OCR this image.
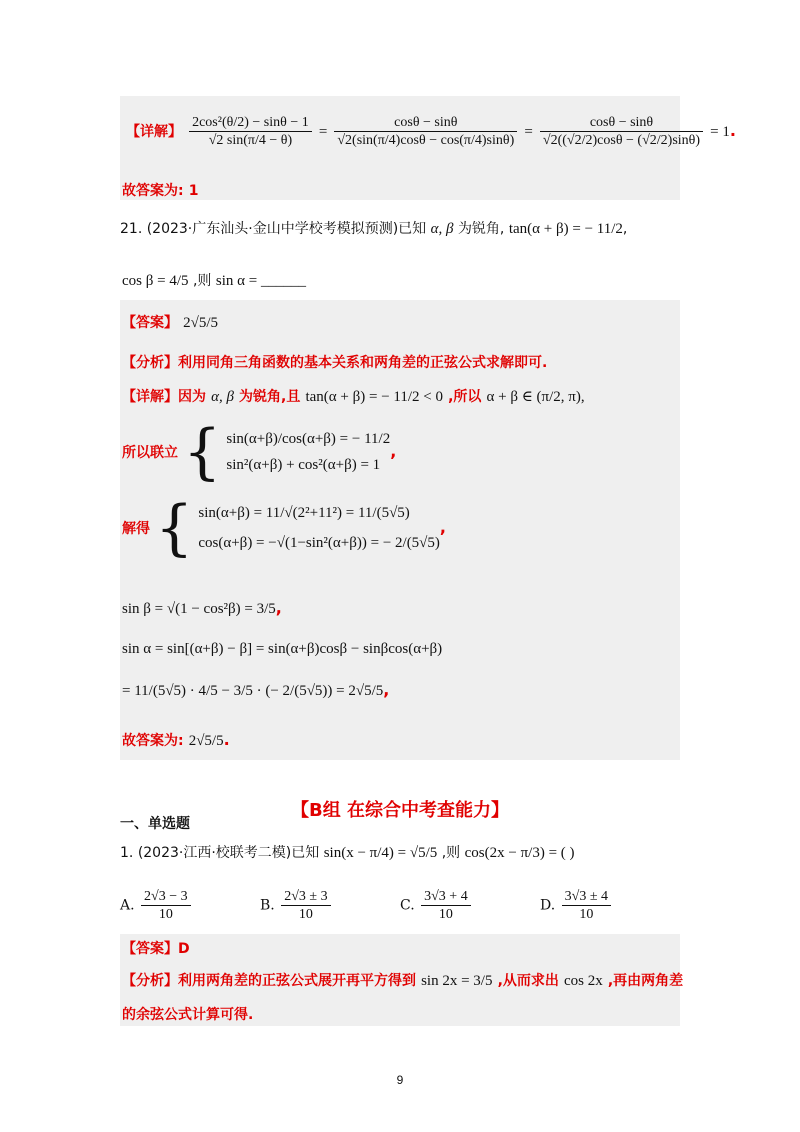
【详解】 $\frac{\text{2cos²(θ/2) − sinθ − 1}}{√2 \sin(\pi/4 - \theta)} = \frac{\cos\theta - \sin\theta}{√2(\sin(\pi/4)\cos\theta - \cos(\pi/4)\sin\theta)} = \frac{\cos\theta - \sin\theta}{√2((√2/2)\cos\theta - (√2/2)\sin\theta)} = 1$.
故答案为: 1
21. (2023·广东汕头·金山中学校考模拟预测)已知 α, β 为锐角, tan(α + β) = − 11/2,
cos β = 4/5 ,则 sin α = ______
【答案】 2√5/5
【分析】利用同角三角函数的基本关系和两角差的正弦公式求解即可.
【详解】因为 α, β 为锐角,且 tan(α + β) = − 11/2 < 0 ,所以 α + β ∈ (π/2, π),
所以联立 { sin(α+β)/cos(α+β) = − 11/2
sin²(α+β) + cos²(α+β) = 1
,
解得 { sin(α+β) = 11/√(2²+11²) = 11/(5√5)
cos(α+β) = −√(1−sin²(α+β)) = − 2/(5√5)
,
sin β = √(1 − cos²β) = 3/5,
sin α = sin[(α+β) − β] = sin(α+β)cosβ − sinβcos(α+β)
= 11/(5√5) · 4/5 − 3/5 · (− 2/(5√5)) = 2√5/5,
故答案为: 2√5/5.
【B组 在综合中考查能力】
一、单选题
1. (2023·江西·校联考二模)已知 sin(x − π/4) = √5/5 ,则 cos(2x − π/3) = ( )
A. $\frac{2√3 - 3}{10}$	B. $\frac{2√3 \pm 3}{10}$	C. $\frac{3√3 + 4}{10}$	D. $\frac{3√3 \pm 4}{10}$
【答案】D
【分析】利用两角差的正弦公式展开再平方得到 sin 2x = 3/5 ,从而求出 cos 2x ,再由两角差
的余弦公式计算可得.
9
